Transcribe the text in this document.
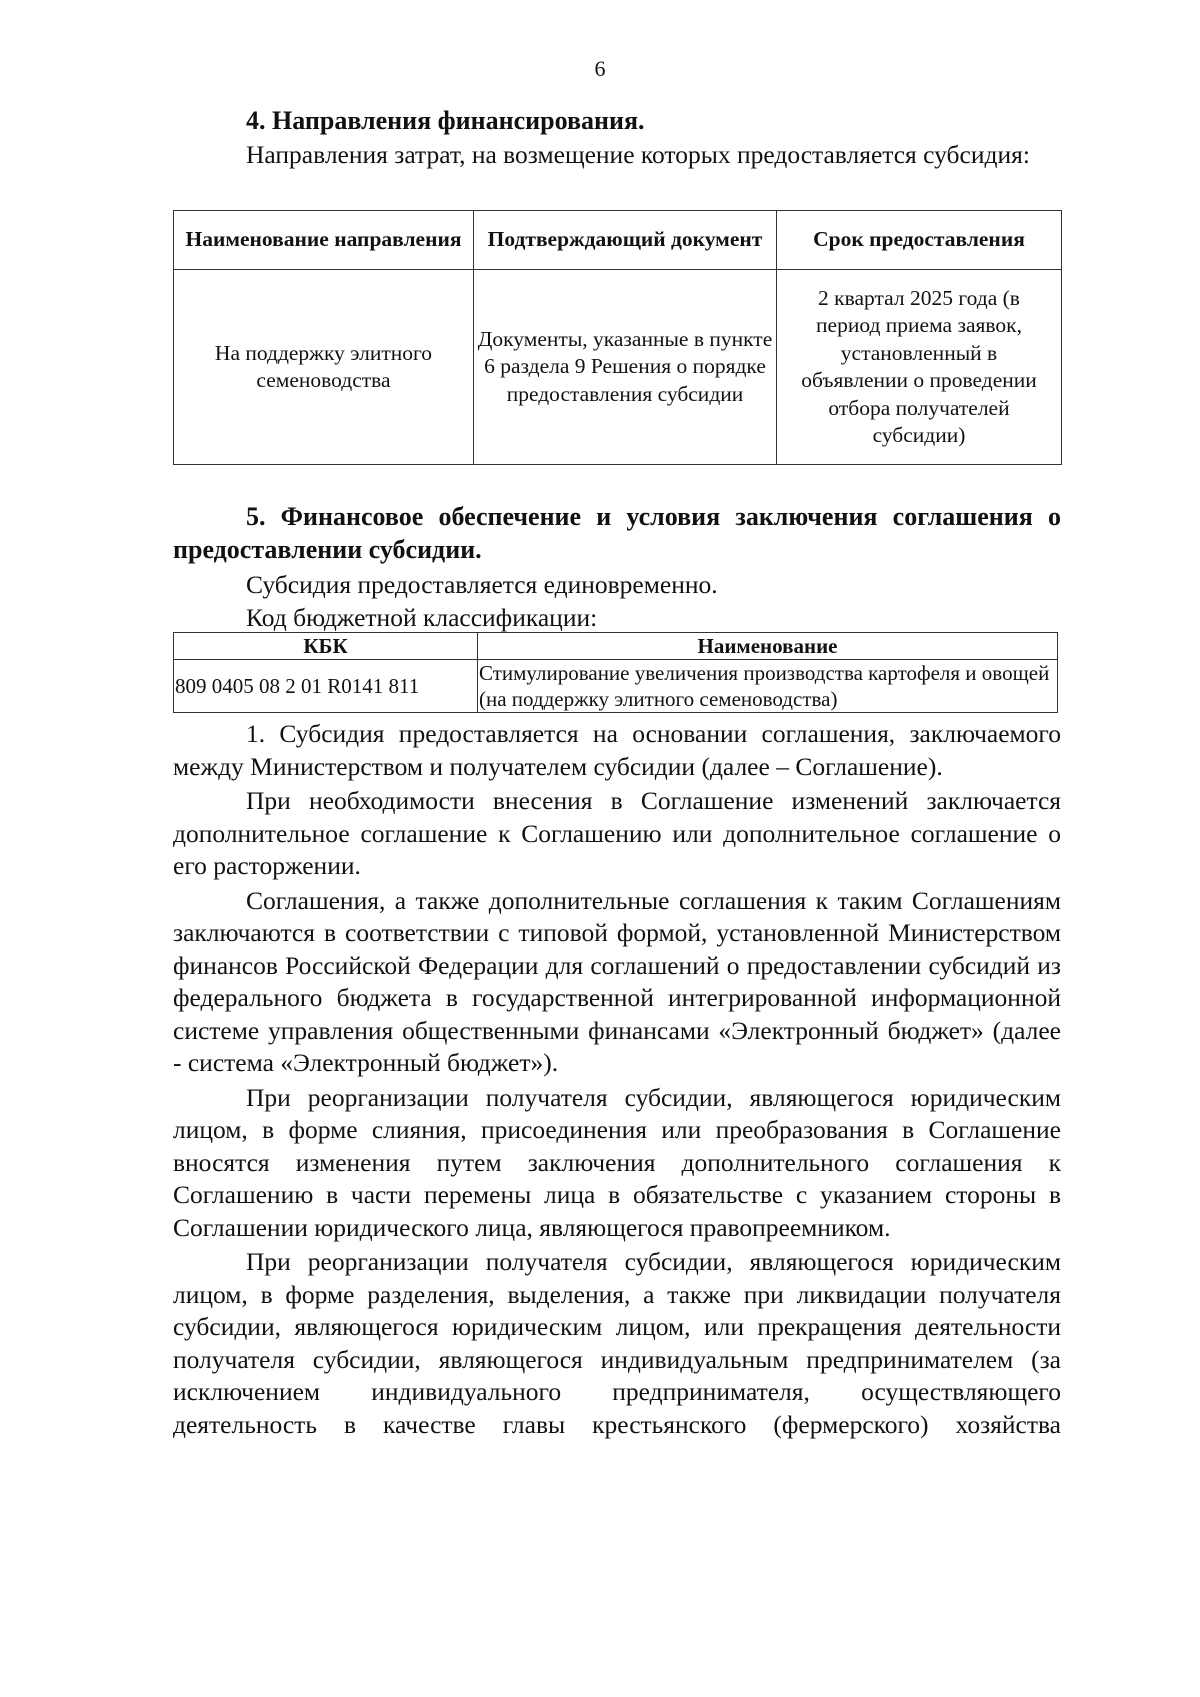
6
4. Направления финансирования.

Направления затрат, на возмещение которых предоставляется субсидия:

Наименование направления	Подтверждающий документ	Срок предоставления
На поддержку элитного семеноводства	Документы, указанные в пункте 6 раздела 9 Решения о порядке предоставления субсидии	2 квартал 2025 года (в период приема заявок, установленный в объявлении о проведении отбора получателей субсидии)
5. Финансовое обеспечение и условия заключения соглашения о предоставлении субсидии.

Субсидия предоставляется единовременно.

Код бюджетной классификации:

КБК	Наименование
809 0405 08 2 01 R0141 811	Стимулирование увеличения производства картофеля и овощей (на поддержку элитного семеноводства)

1. Субсидия предоставляется на основании соглашения, заключаемого между Министерством и получателем субсидии (далее – Соглашение).

При необходимости внесения в Соглашение изменений заключается дополнительное соглашение к Соглашению или дополнительное соглашение о его расторжении.

Соглашения, а также дополнительные соглашения к таким Соглашениям заключаются в соответствии с типовой формой, установленной Министерством финансов Российской Федерации для соглашений о предоставлении субсидий из федерального бюджета в государственной интегрированной информационной системе управления общественными финансами «Электронный бюджет» (далее - система «Электронный бюджет»).

При реорганизации получателя субсидии, являющегося юридическим лицом, в форме слияния, присоединения или преобразования в Соглашение вносятся изменения путем заключения дополнительного соглашения к Соглашению в части перемены лица в обязательстве с указанием стороны в Соглашении юридического лица, являющегося правопреемником.

При реорганизации получателя субсидии, являющегося юридическим лицом, в форме разделения, выделения, а также при ликвидации получателя субсидии, являющегося юридическим лицом, или прекращения деятельности получателя субсидии, являющегося индивидуальным предпринимателем (за исключением индивидуального предпринимателя, осуществляющего деятельность в качестве главы крестьянского (фермерского) хозяйства
